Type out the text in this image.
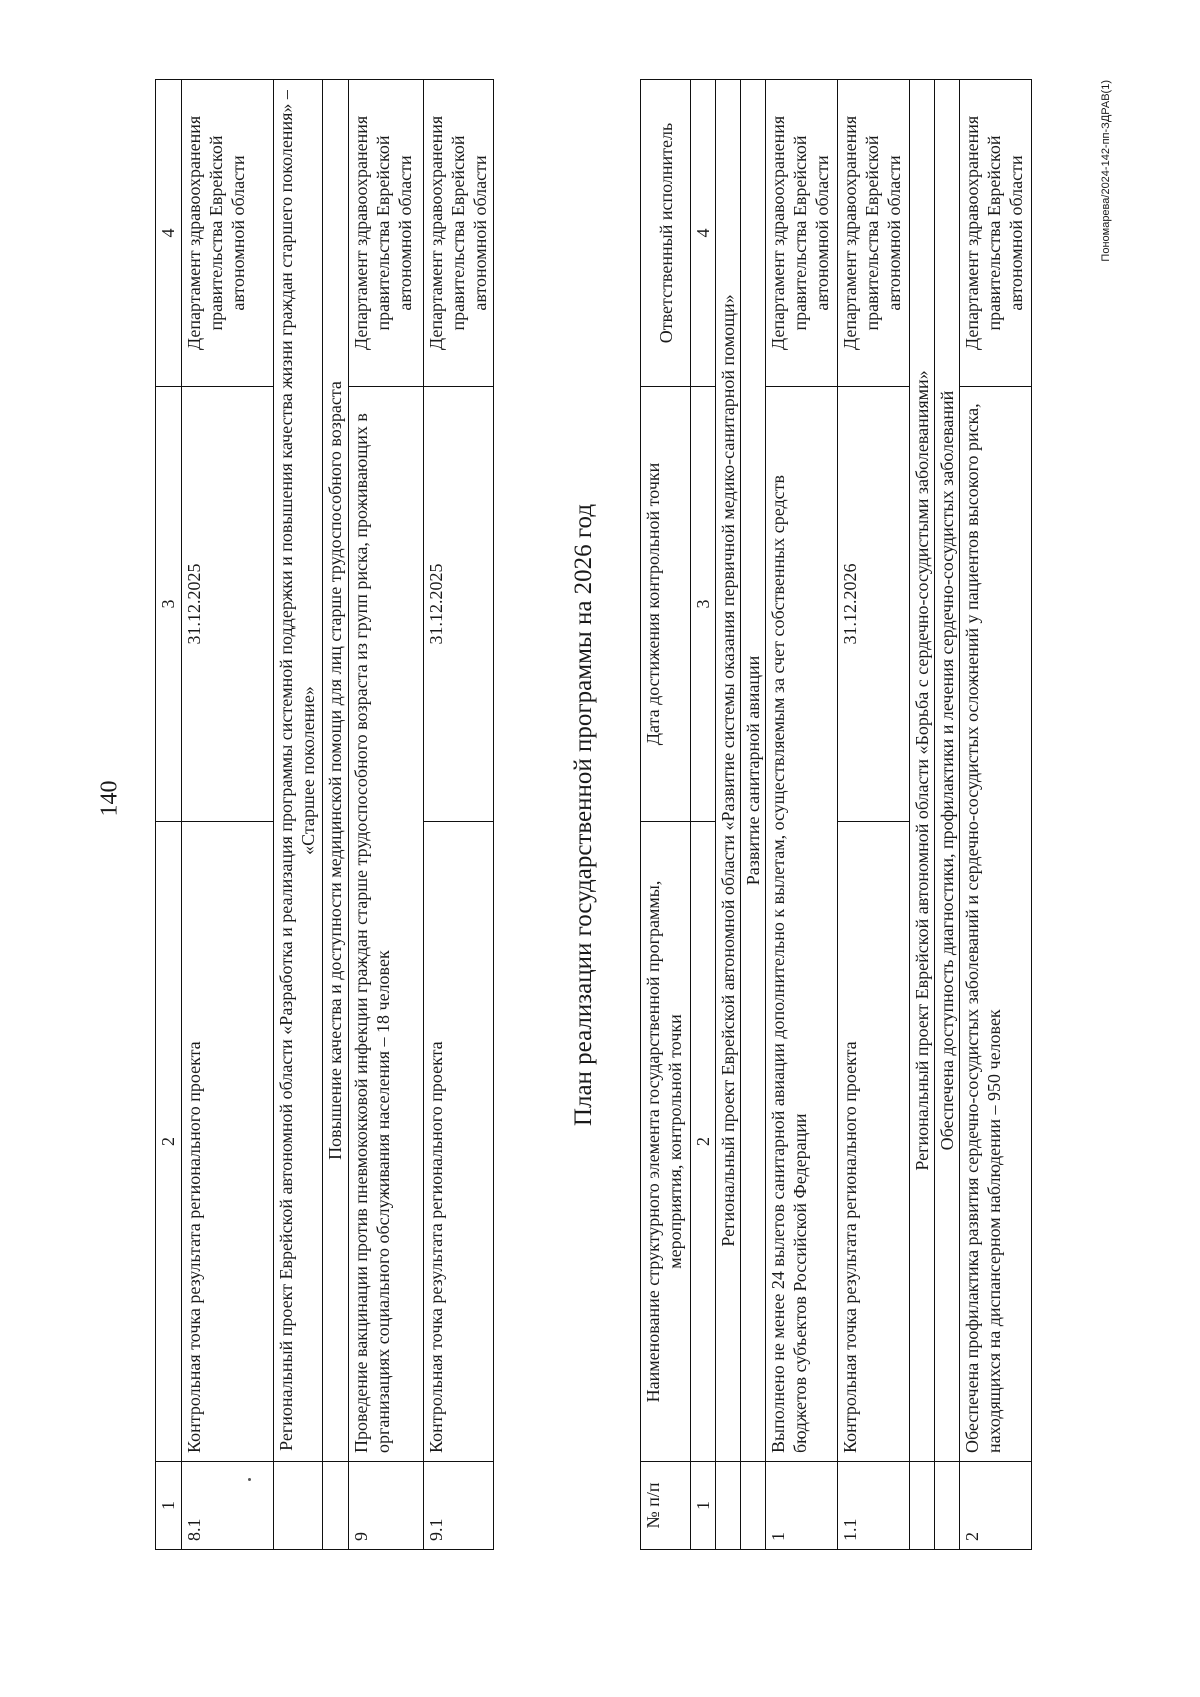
1	2	3	4
8.1	Контрольная точка результата регионального проекта	31.12.2025	Департамент здравоохранения правительства Еврейской автономной области
	Региональный проект Еврейской автономной области «Разработка и реализация программы системной поддержки и повышения качества жизни граждан старшего поколения» – «Старшее поколение»		
	Повышение качества и доступности медицинской помощи для лиц старше трудоспособного возраста		
9	Проведение вакцинации против пневмококковой инфекции граждан старше трудоспособного возраста из групп риска, проживающих в организациях социального обслуживания населения – 18 человек		Департамент здравоохранения правительства Еврейской автономной области
9.1	Контрольная точка результата регионального проекта	31.12.2025	Департамент здравоохранения правительства Еврейской автономной области
План реализации государственной программы на 2026 год
№ п/п	Наименование структурного элемента государственной программы, мероприятия, контрольной точки	Дата достижения контрольной точки	Ответственный исполнитель
1	2	3	4
	Региональный проект Еврейской автономной области «Развитие системы оказания первичной медико-санитарной помощи»		
	Развитие санитарной авиации		
1	Выполнено не менее 24 вылетов санитарной авиации дополнительно к вылетам, осуществляемым за счет собственных средств бюджетов субъектов Российской Федерации		Департамент здравоохранения правительства Еврейской автономной области
1.1	Контрольная точка результата регионального проекта	31.12.2026	Департамент здравоохранения правительства Еврейской автономной области
	Региональный проект Еврейской автономной области «Борьба с сердечно-сосудистыми заболеваниями»		
	Обеспечена доступность диагностики, профилактики и лечения сердечно-сосудистых заболеваний		
2	Обеспечена профилактика развития сердечно-сосудистых заболеваний и сердечно-сосудистых осложнений у пациентов высокого риска, находящихся на диспансерном наблюдении – 950 человек		Департамент здравоохранения правительства Еврейской автономной области	Пономарева/2024-142-пп-ЗДРАВ(1)
140
